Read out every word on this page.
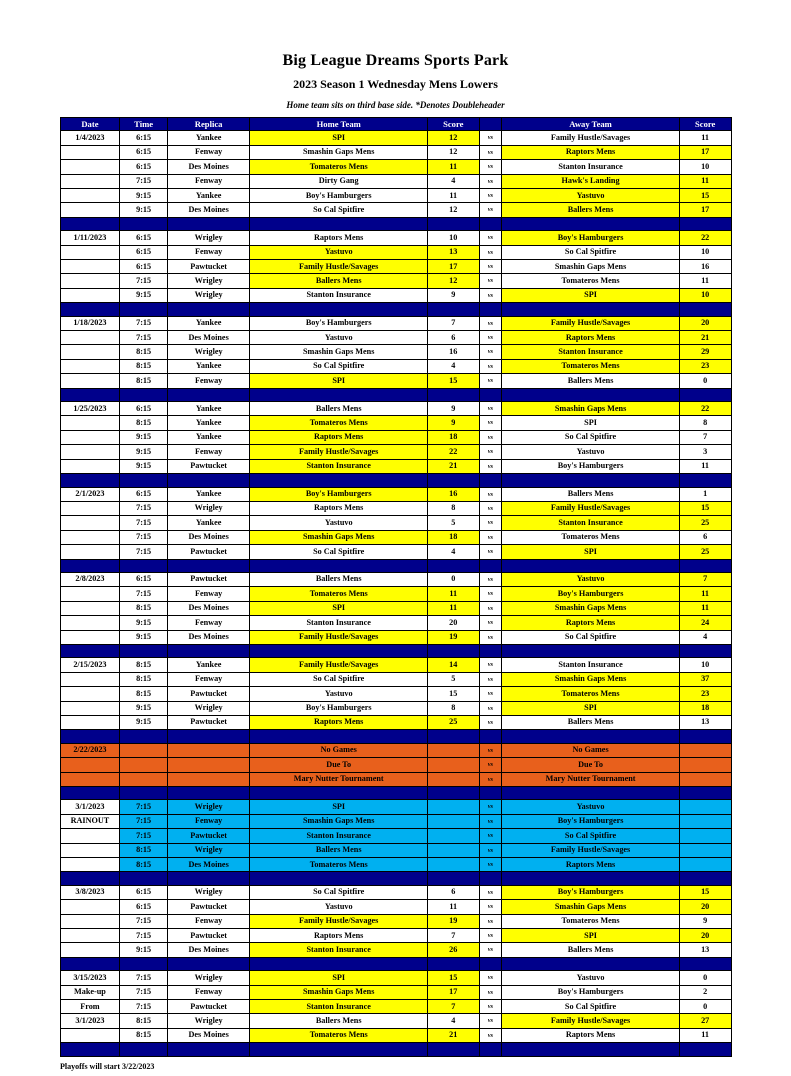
Big League Dreams Sports Park
2023 Season 1 Wednesday Mens Lowers
Home team sits on third base side. *Denotes Doubleheader
Date	Time	Replica	Home Team	Score		Away Team	Score
1/4/2023	6:15	Yankee	SPI	12	vs	Family Hustle/Savages	11
	6:15	Fenway	Smashin Gaps Mens	12	vs	Raptors Mens	17
	6:15	Des Moines	Tomateros Mens	11	vs	Stanton Insurance	10
	7:15	Fenway	Dirty Gang	4	vs	Hawk's Landing	11
	9:15	Yankee	Boy's Hamburgers	11	vs	Yastuvo	15
	9:15	Des Moines	So Cal Spitfire	12	vs	Ballers Mens	17

1/11/2023	6:15	Wrigley	Raptors Mens	10	vs	Boy's Hamburgers	22
	6:15	Fenway	Yastuvo	13	vs	So Cal Spitfire	10
	6:15	Pawtucket	Family Hustle/Savages	17	vs	Smashin Gaps Mens	16
	7:15	Wrigley	Ballers Mens	12	vs	Tomateros Mens	11
	9:15	Wrigley	Stanton Insurance	9	vs	SPI	10

1/18/2023	7:15	Yankee	Boy's Hamburgers	7	vs	Family Hustle/Savages	20
	7:15	Des Moines	Yastuvo	6	vs	Raptors Mens	21
	8:15	Wrigley	Smashin Gaps Mens	16	vs	Stanton Insurance	29
	8:15	Yankee	So Cal Spitfire	4	vs	Tomateros Mens	23
	8:15	Fenway	SPI	15	vs	Ballers Mens	0

1/25/2023	6:15	Yankee	Ballers Mens	9	vs	Smashin Gaps Mens	22
	8:15	Yankee	Tomateros Mens	9	vs	SPI	8
	9:15	Yankee	Raptors Mens	18	vs	So Cal Spitfire	7
	9:15	Fenway	Family Hustle/Savages	22	vs	Yastuvo	3
	9:15	Pawtucket	Stanton Insurance	21	vs	Boy's Hamburgers	11

2/1/2023	6:15	Yankee	Boy's Hamburgers	16	vs	Ballers Mens	1
	7:15	Wrigley	Raptors Mens	8	vs	Family Hustle/Savages	15
	7:15	Yankee	Yastuvo	5	vs	Stanton Insurance	25
	7:15	Des Moines	Smashin Gaps Mens	18	vs	Tomateros Mens	6
	7:15	Pawtucket	So Cal Spitfire	4	vs	SPI	25

2/8/2023	6:15	Pawtucket	Ballers Mens	0	vs	Yastuvo	7
	7:15	Fenway	Tomateros Mens	11	vs	Boy's Hamburgers	11
	8:15	Des Moines	SPI	11	vs	Smashin Gaps Mens	11
	9:15	Fenway	Stanton Insurance	20	vs	Raptors Mens	24
	9:15	Des Moines	Family Hustle/Savages	19	vs	So Cal Spitfire	4

2/15/2023	8:15	Yankee	Family Hustle/Savages	14	vs	Stanton Insurance	10
	8:15	Fenway	So Cal Spitfire	5	vs	Smashin Gaps Mens	37
	8:15	Pawtucket	Yastuvo	15	vs	Tomateros Mens	23
	9:15	Wrigley	Boy's Hamburgers	8	vs	SPI	18
	9:15	Pawtucket	Raptors Mens	25	vs	Ballers Mens	13

2/22/2023			No Games		vs	No Games	
			Due To		vs	Due To	
			Mary Nutter Tournament		vs	Mary Nutter Tournament	

3/1/2023	7:15	Wrigley	SPI		vs	Yastuvo	
RAINOUT	7:15	Fenway	Smashin Gaps Mens		vs	Boy's Hamburgers	
	7:15	Pawtucket	Stanton Insurance		vs	So Cal Spitfire	
	8:15	Wrigley	Ballers Mens		vs	Family Hustle/Savages	
	8:15	Des Moines	Tomateros Mens		vs	Raptors Mens	

3/8/2023	6:15	Wrigley	So Cal Spitfire	6	vs	Boy's Hamburgers	15
	6:15	Pawtucket	Yastuvo	11	vs	Smashin Gaps Mens	20
	7:15	Fenway	Family Hustle/Savages	19	vs	Tomateros Mens	9
	7:15	Pawtucket	Raptors Mens	7	vs	SPI	20
	9:15	Des Moines	Stanton Insurance	26	vs	Ballers Mens	13

3/15/2023	7:15	Wrigley	SPI	15	vs	Yastuvo	0
Make-up	7:15	Fenway	Smashin Gaps Mens	17	vs	Boy's Hamburgers	2
From	7:15	Pawtucket	Stanton Insurance	7	vs	So Cal Spitfire	0
3/1/2023	8:15	Wrigley	Ballers Mens	4	vs	Family Hustle/Savages	27
	8:15	Des Moines	Tomateros Mens	21	vs	Raptors Mens	11

Playoffs will start 3/22/2023
